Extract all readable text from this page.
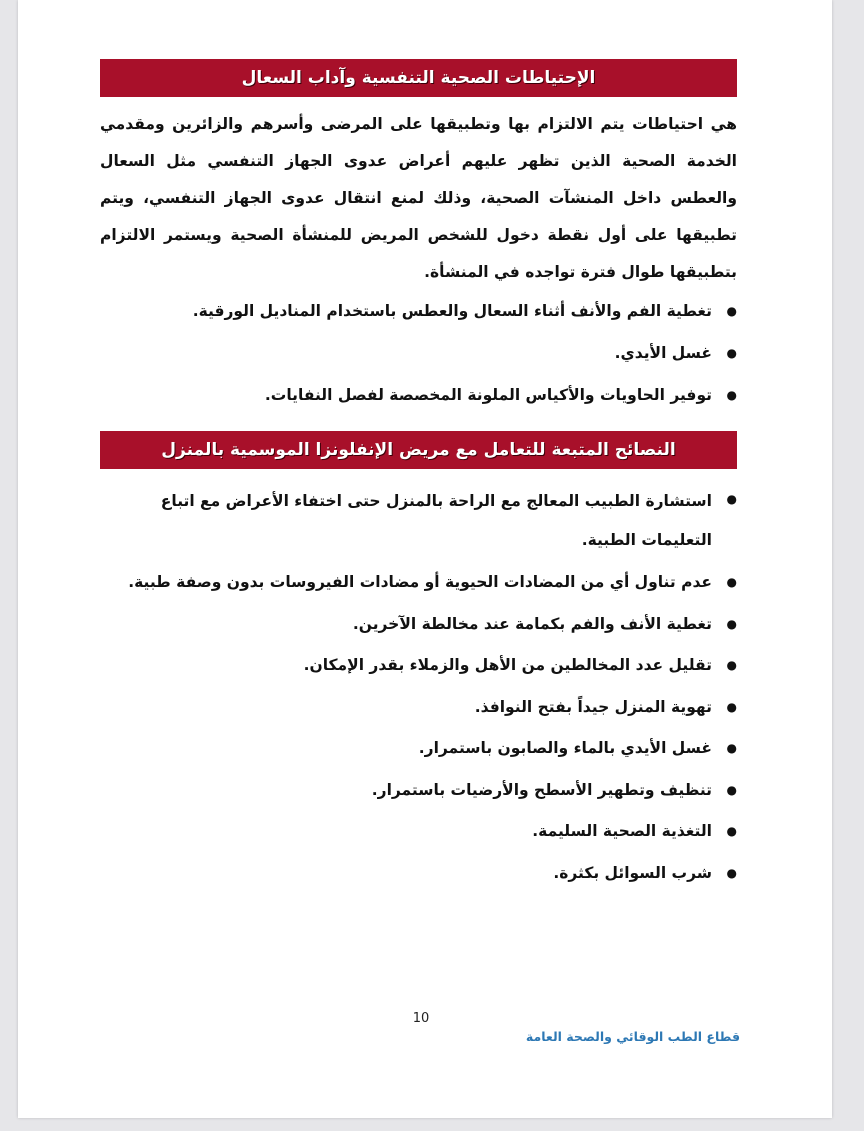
الإحتياطات الصحية التنفسية وآداب السعال

هي احتياطات يتم الالتزام بها وتطبيقها على المرضى وأسرهم والزائرين ومقدمي الخدمة الصحية الذين تظهر عليهم أعراض عدوى الجهاز التنفسي مثل السعال والعطس داخل المنشآت الصحية، وذلك لمنع انتقال عدوى الجهاز التنفسي، ويتم تطبيقها على أول نقطة دخول للشخص المريض للمنشأة الصحية ويستمر الالتزام بتطبيقها طوال فترة تواجده في المنشأة.

●
تغطية الفم والأنف أثناء السعال والعطس باستخدام المناديل الورقية.
●
غسل الأيدي.
●
توفير الحاويات والأكياس الملونة المخصصة لفصل النفايات.
النصائح المتبعة للتعامل مع مريض الإنفلونزا الموسمية بالمنزل
●
استشارة الطبيب المعالج مع الراحة بالمنزل حتى اختفاء الأعراض مع اتباع التعليمات الطبية.
●
عدم تناول أي من المضادات الحيوية أو مضادات الفيروسات بدون وصفة طبية.
●
تغطية الأنف والفم بكمامة عند مخالطة الآخرين.
●
تقليل عدد المخالطين من الأهل والزملاء بقدر الإمكان.
●
تهوية المنزل جيداً بفتح النوافذ.
●
غسل الأيدي بالماء والصابون باستمرار.
●
تنظيف وتطهير الأسطح والأرضيات باستمرار.
●
التغذية الصحية السليمة.
●
شرب السوائل بكثرة.
10
قطاع الطب الوقائي والصحة العامة
